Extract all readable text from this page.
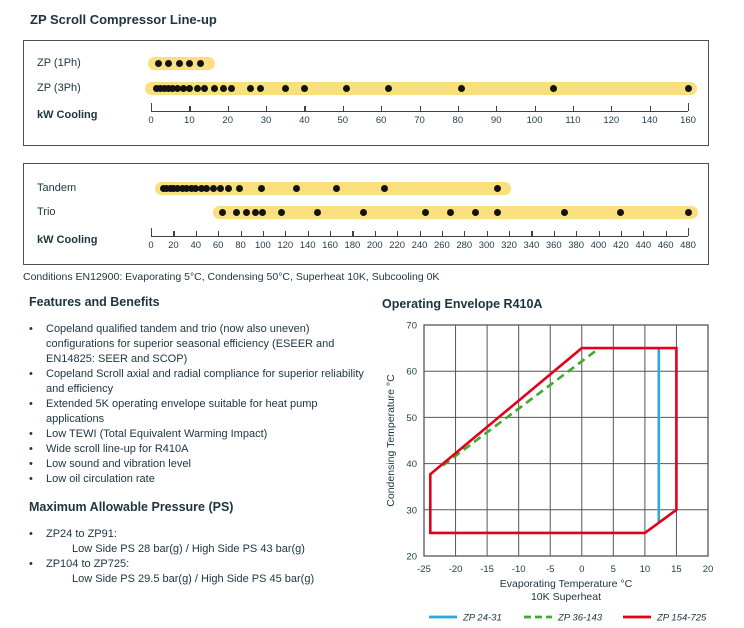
ZP Scroll Compressor Line-up
ZP (1Ph)
ZP (3Ph)
kW Cooling	0	10	20	30	40	50	60	70	80	90	100 110 120 140 160
Tandem
Trio
kW Cooling	0 20 40 60 80 100 120 140 160 180 200 220 240 260 280 300 320 340 360 380 400 420 440 460 480
Conditions EN12900: Evaporating 5°C, Condensing 50°C, Superheat 10K, Subcooling 0K
Features and Benefits
•	Copeland qualified tandem and trio (now also uneven) configurations for superior seasonal efficiency (ESEER and EN14825: SEER and SCOP)
•	Copeland Scroll axial and radial compliance for superior reliability and efficiency
•	Extended 5K operating envelope suitable for heat pump applications
•	Low TEWI (Total Equivalent Warming Impact)
•	Wide scroll line-up for R410A
•	Low sound and vibration level
•	Low oil circulation rate
Maximum Allowable Pressure (PS)
•	ZP24 to ZP91:
Low Side PS 28 bar(g) / High Side PS 43 bar(g)
•	ZP104 to ZP725:
Low Side PS 29.5 bar(g) / High Side PS 45 bar(g)
Operating Envelope R410A
-25 -20 -15 -10 -5	0	5 10 15 20
20
30
40
50
60
70
Evaporating Temperature °C
10K Superheat
Condensing Temperature °C
ZP 24-31	ZP 36-143	ZP 154-725
